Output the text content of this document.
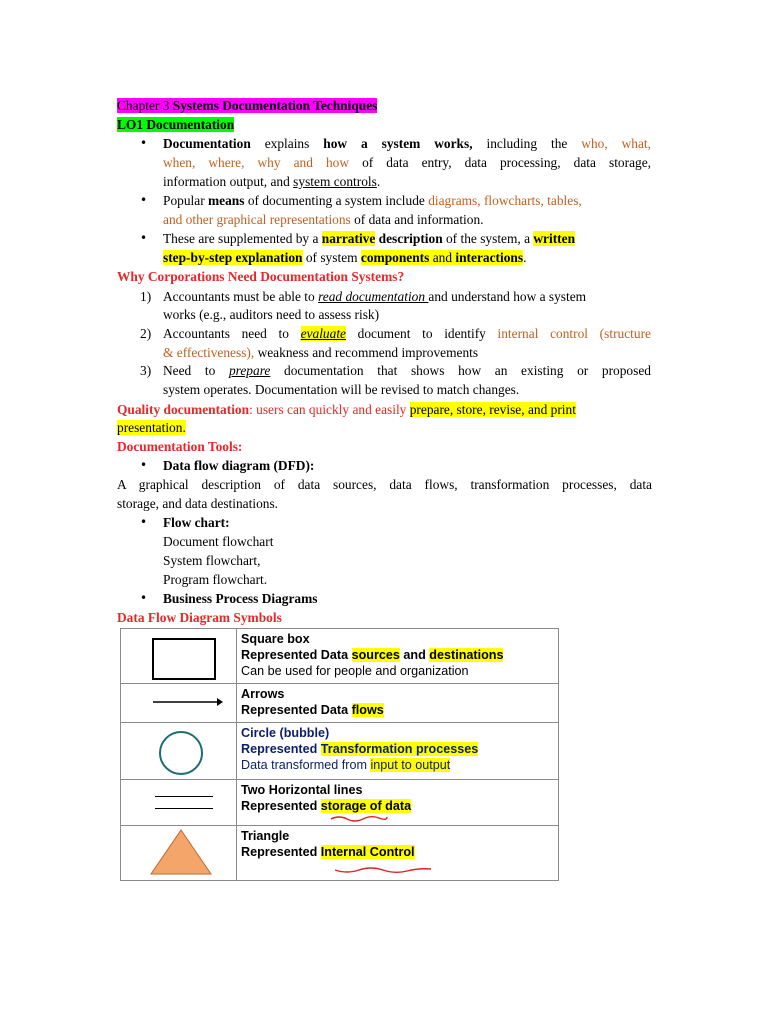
Chapter 3 Systems Documentation Techniques
LO1 Documentation
• Documentation explains how a system works, including the who, what,
when, where, why and how of data entry, data processing, data storage,
information output, and system controls.
• Popular means of documenting a system include diagrams, flowcharts, tables,
and other graphical representations of data and information.
• These are supplemented by a narrative description of the system, a written
step-by-step explanation of system components and interactions.
Why Corporations Need Documentation Systems?
1) Accountants must be able to read documentation and understand how a system
works (e.g., auditors need to assess risk)
2) Accountants need to evaluate document to identify internal control (structure
& effectiveness), weakness and recommend improvements
3) Need to prepare documentation that shows how an existing or proposed
system operates. Documentation will be revised to match changes.
Quality documentation: users can quickly and easily prepare, store, revise, and print
presentation.
Documentation Tools:
• Data flow diagram (DFD):
A graphical description of data sources, data flows, transformation processes, data
storage, and data destinations.
• Flow chart:
Document flowchart
System flowchart,
Program flowchart.
• Business Process Diagrams
Data Flow Diagram Symbols
Square box
Represented Data sources and destinations
Can be used for people and organization
Arrows
Represented Data flows
Circle (bubble)
Represented Transformation processes
Data transformed from input to output
Two Horizontal lines
Represented storage of data
Triangle
Represented Internal Control
